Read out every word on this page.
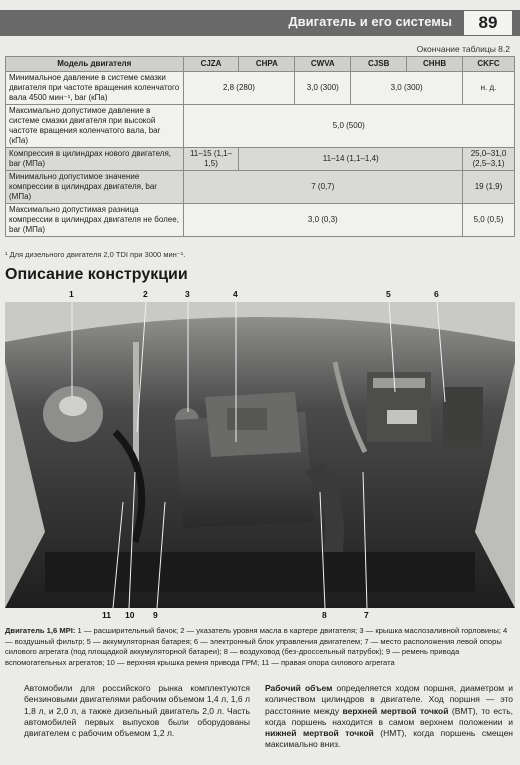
Двигатель и его системы	89
Окончание таблицы 8.2
Модель двигателя	CJZA	CHPA	CWVA	CJSB	CHHB	CKFC
Минимальное давление в системе смазки двигателя при частоте вращения коленчатого вала 4500 мин⁻¹, bar (кПа)	2,8 (280)		3,0 (300)	3,0 (300)		н. д.
Максимально допустимое давление в системе смазки двигателя при высокой частоте вращения коленчатого вала, bar (кПа)	5,0 (500)					
Компрессия в цилиндрах нового двигателя, bar (МПа)	11–15 (1,1–1,5)	11–14 (1,1–1,4)				25,0–31,0 (2,5–3,1)
Минимально допустимое значение компрессии в цилиндрах двигателя, bar (МПа)	7 (0,7)					19 (1,9)
Максимально допустимая разница компрессии в цилиндрах двигателя не более, bar (МПа)	3,0 (0,3)					5,0 (0,5)
¹ Для дизельного двигателя 2,0 TDI при 3000 мин⁻¹.
Описание конструкции
1	2	3	4	5	6
11 10 9	8	7
Двигатель 1,6 MPI: 1 — расширительный бачок; 2 — указатель уровня масла в картере двигателя; 3 — крышка маслозаливной горловины; 4 — воздушный фильтр; 5 — аккумуляторная батарея; 6 — электронный блок управления двигателем; 7 — место расположения левой опоры силового агрегата (под площадкой аккумуляторной батареи); 8 — воздуховод (без-дроссельный патрубок); 9 — ремень привода вспомогательных агрегатов; 10 — верхняя крышка ремня привода ГРМ; 11 — правая опора силового агрегата
Автомобили для российского рынка комплектуются бензиновыми двигателями рабочим объемом 1,4 л, 1,6 л 1,8 л, и 2,0 л, а также дизельный двигатель 2,0 л. Часть автомобилей первых выпусков были оборудованы двигателем с рабочим объемом 1,2 л.
Рабочий объем определяется ходом поршня, диаметром и количеством цилиндров в двигателе. Ход поршня — это расстояние между верхней мертвой точкой (ВМТ), то есть, когда поршень находится в самом верхнем положении и нижней мертвой точкой (НМТ), когда поршень смещен максимально вниз.
